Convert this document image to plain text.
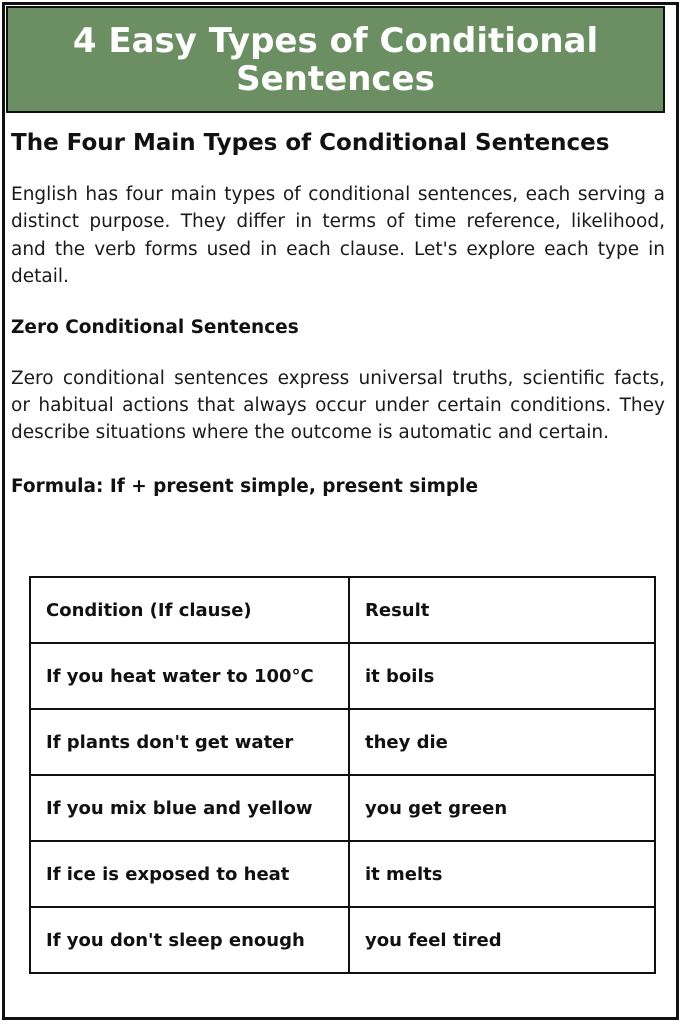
4 Easy Types of Conditional Sentences
The Four Main Types of Conditional Sentences

English has four main types of conditional sentences, each serving a distinct purpose. They differ in terms of time reference, likelihood, and the verb forms used in each clause. Let's explore each type in detail.

Zero Conditional Sentences

Zero conditional sentences express universal truths, scientific facts, or habitual actions that always occur under certain conditions. They describe situations where the outcome is automatic and certain.

Formula: If + present simple, present simple

Condition (If clause)	Result
If you heat water to 100°C	it boils
If plants don't get water	they die
If you mix blue and yellow	you get green
If ice is exposed to heat	it melts
If you don't sleep enough	you feel tired
